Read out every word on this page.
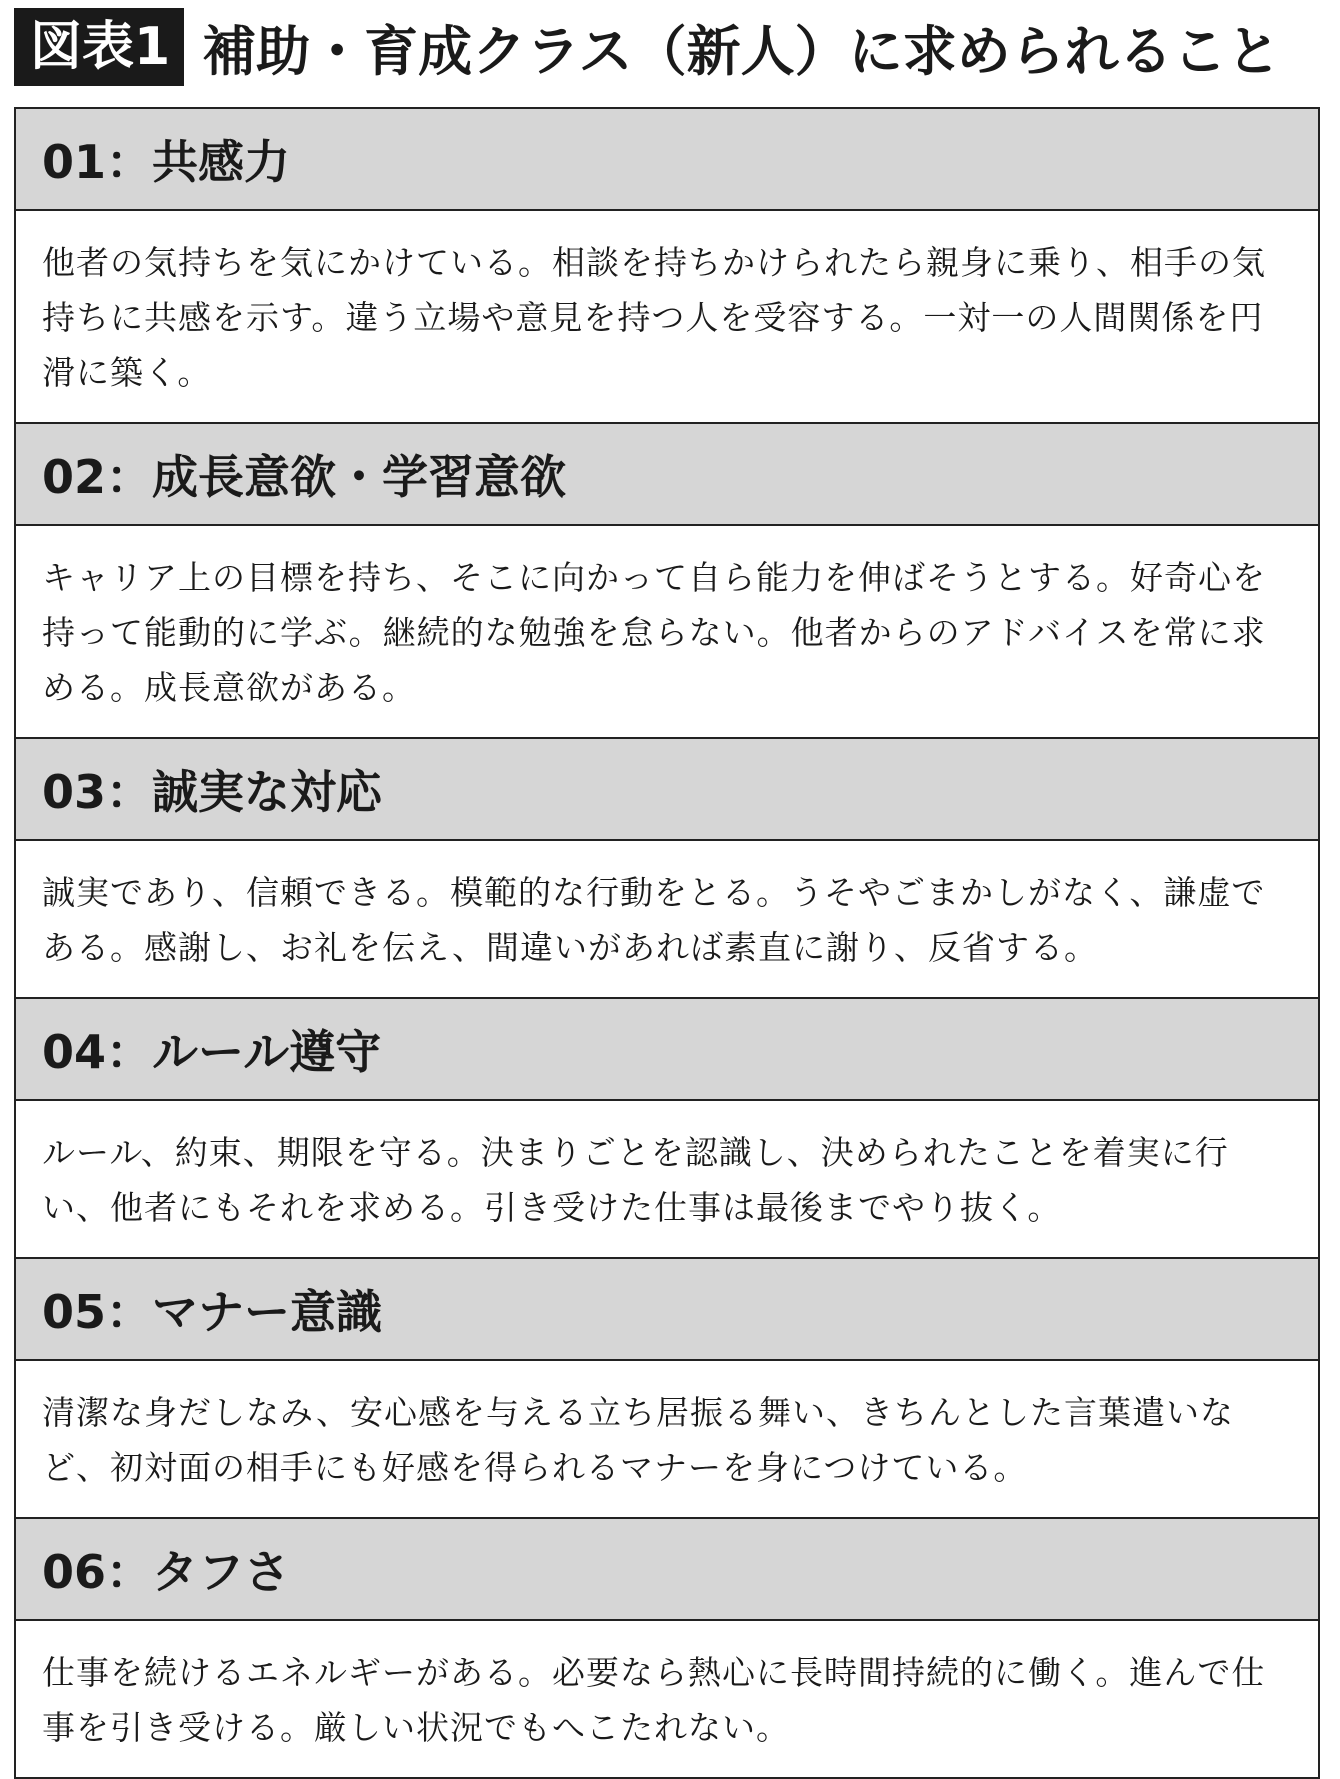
図表1 補助・育成クラス（新人）に求められること
01：共感力
他者の気持ちを気にかけている。相談を持ちかけられたら親身に乗り、相手の気持ちに共感を示す。違う立場や意見を持つ人を受容する。一対一の人間関係を円滑に築く。
02：成長意欲・学習意欲
キャリア上の目標を持ち、そこに向かって自ら能力を伸ばそうとする。好奇心を持って能動的に学ぶ。継続的な勉強を怠らない。他者からのアドバイスを常に求める。成長意欲がある。
03：誠実な対応
誠実であり、信頼できる。模範的な行動をとる。うそやごまかしがなく、謙虚である。感謝し、お礼を伝え、間違いがあれば素直に謝り、反省する。
04：ルール遵守
ルール、約束、期限を守る。決まりごとを認識し、決められたことを着実に行い、他者にもそれを求める。引き受けた仕事は最後までやり抜く。
05：マナー意識
清潔な身だしなみ、安心感を与える立ち居振る舞い、きちんとした言葉遣いなど、初対面の相手にも好感を得られるマナーを身につけている。
06：タフさ
仕事を続けるエネルギーがある。必要なら熱心に長時間持続的に働く。進んで仕事を引き受ける。厳しい状況でもへこたれない。
